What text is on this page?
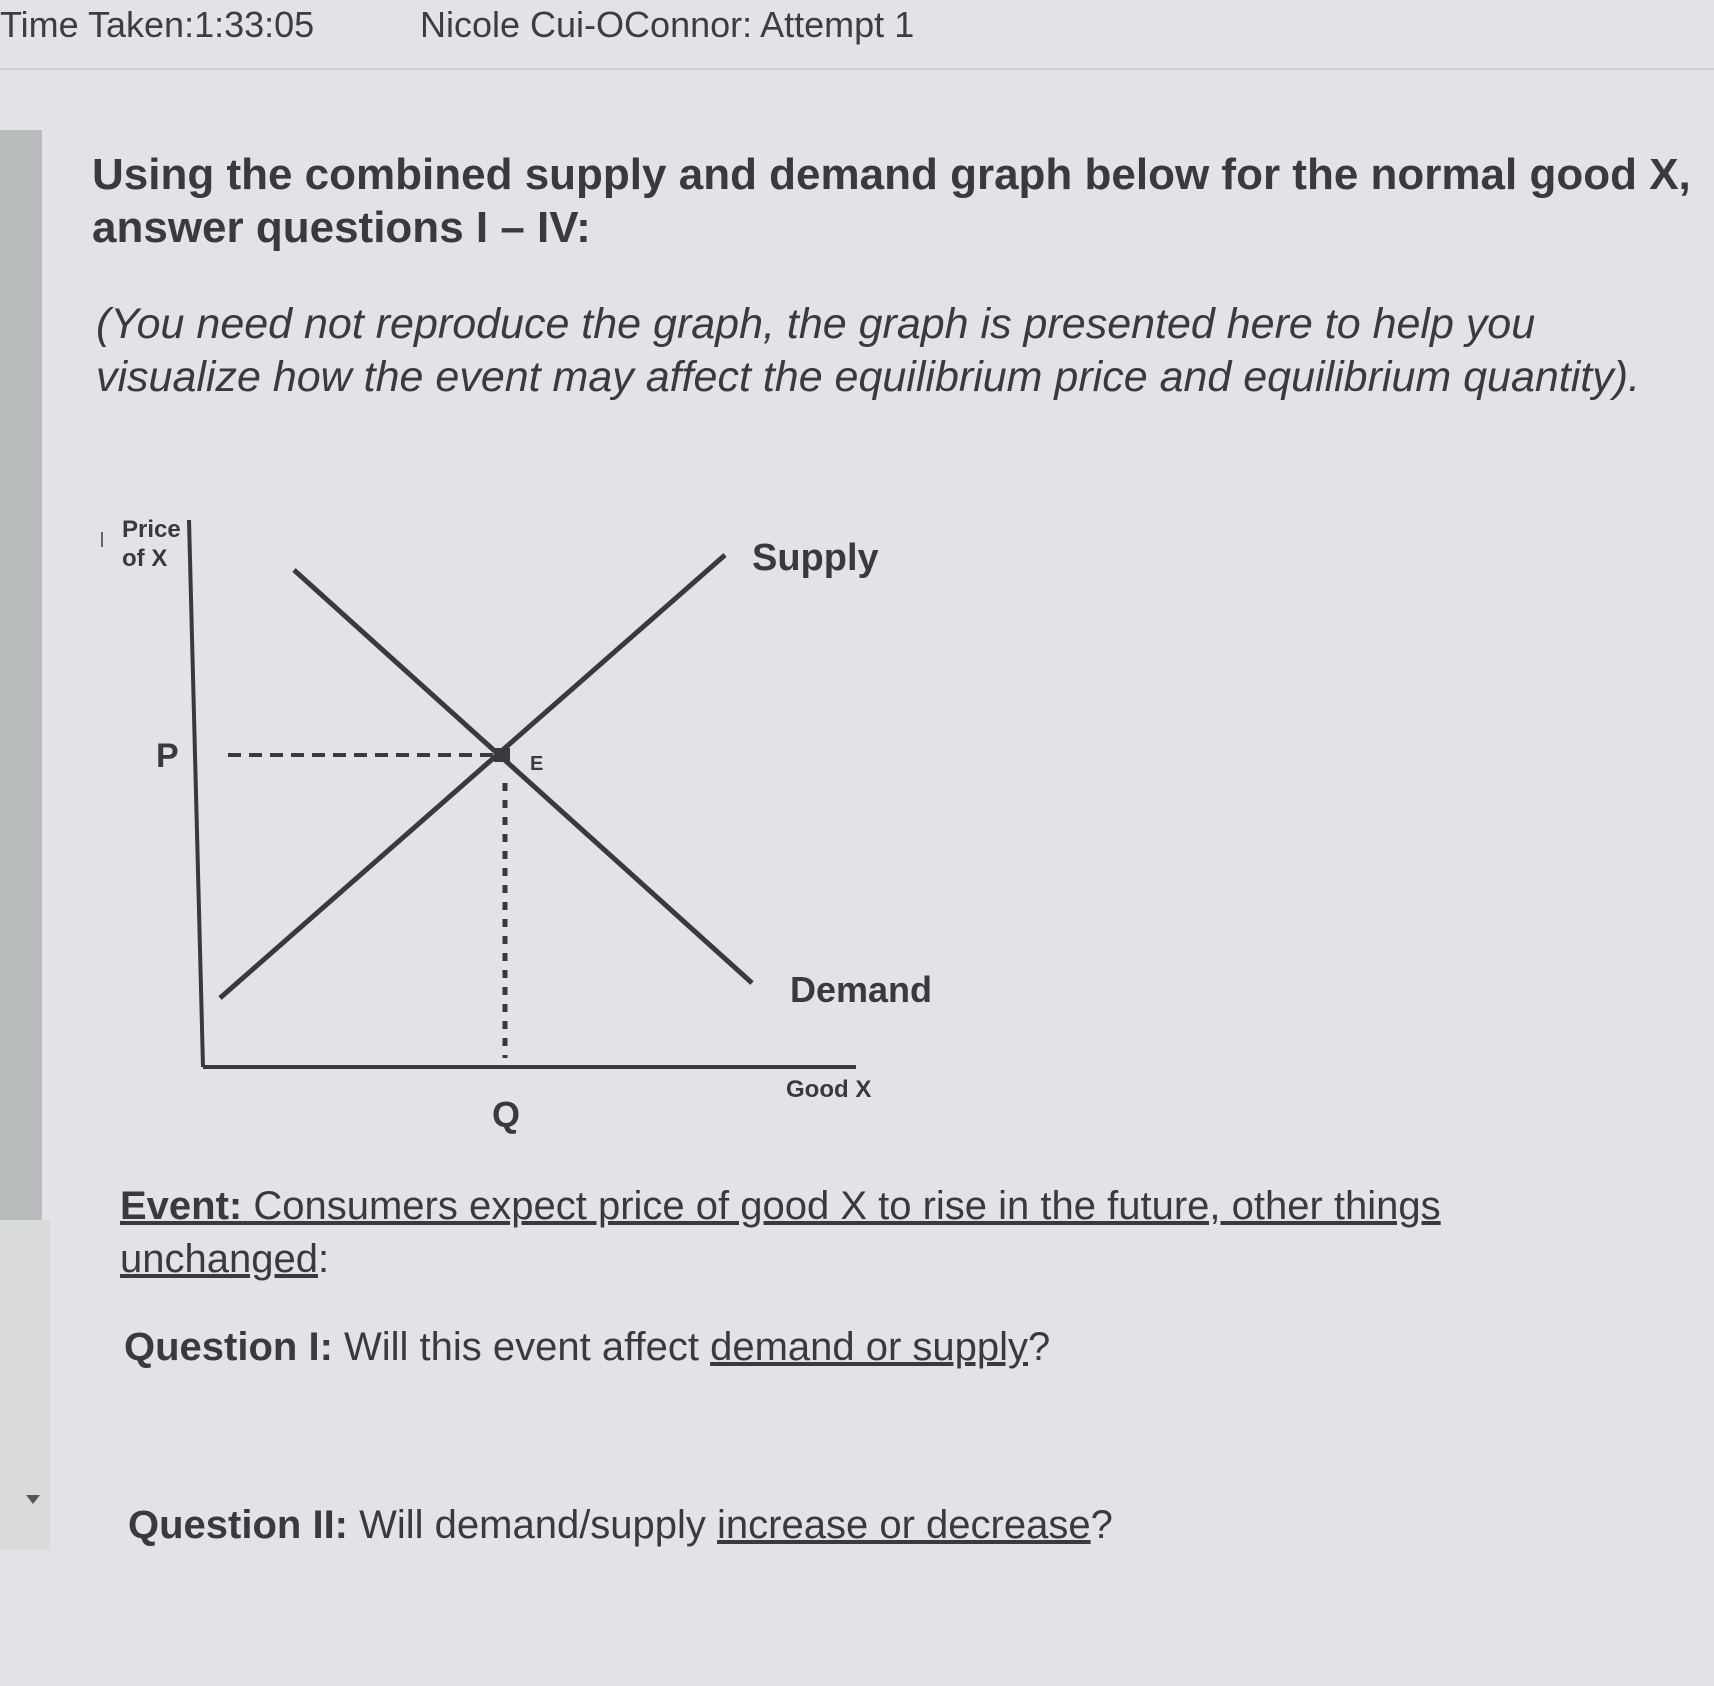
Time Taken:1:33:05	Nicole Cui-OConnor: Attempt 1
Using the combined supply and demand graph below for the normal good X, answer questions I – IV:
(You need not reproduce the graph, the graph is presented here to help you visualize how the event may affect the equilibrium price and equilibrium quantity).
Price
of X
P	E
Supply
Demand
Good X
Q
Event: Consumers expect price of good X to rise in the future, other things unchanged:
Question I: Will this event affect demand or supply?
Question II: Will demand/supply increase or decrease?
